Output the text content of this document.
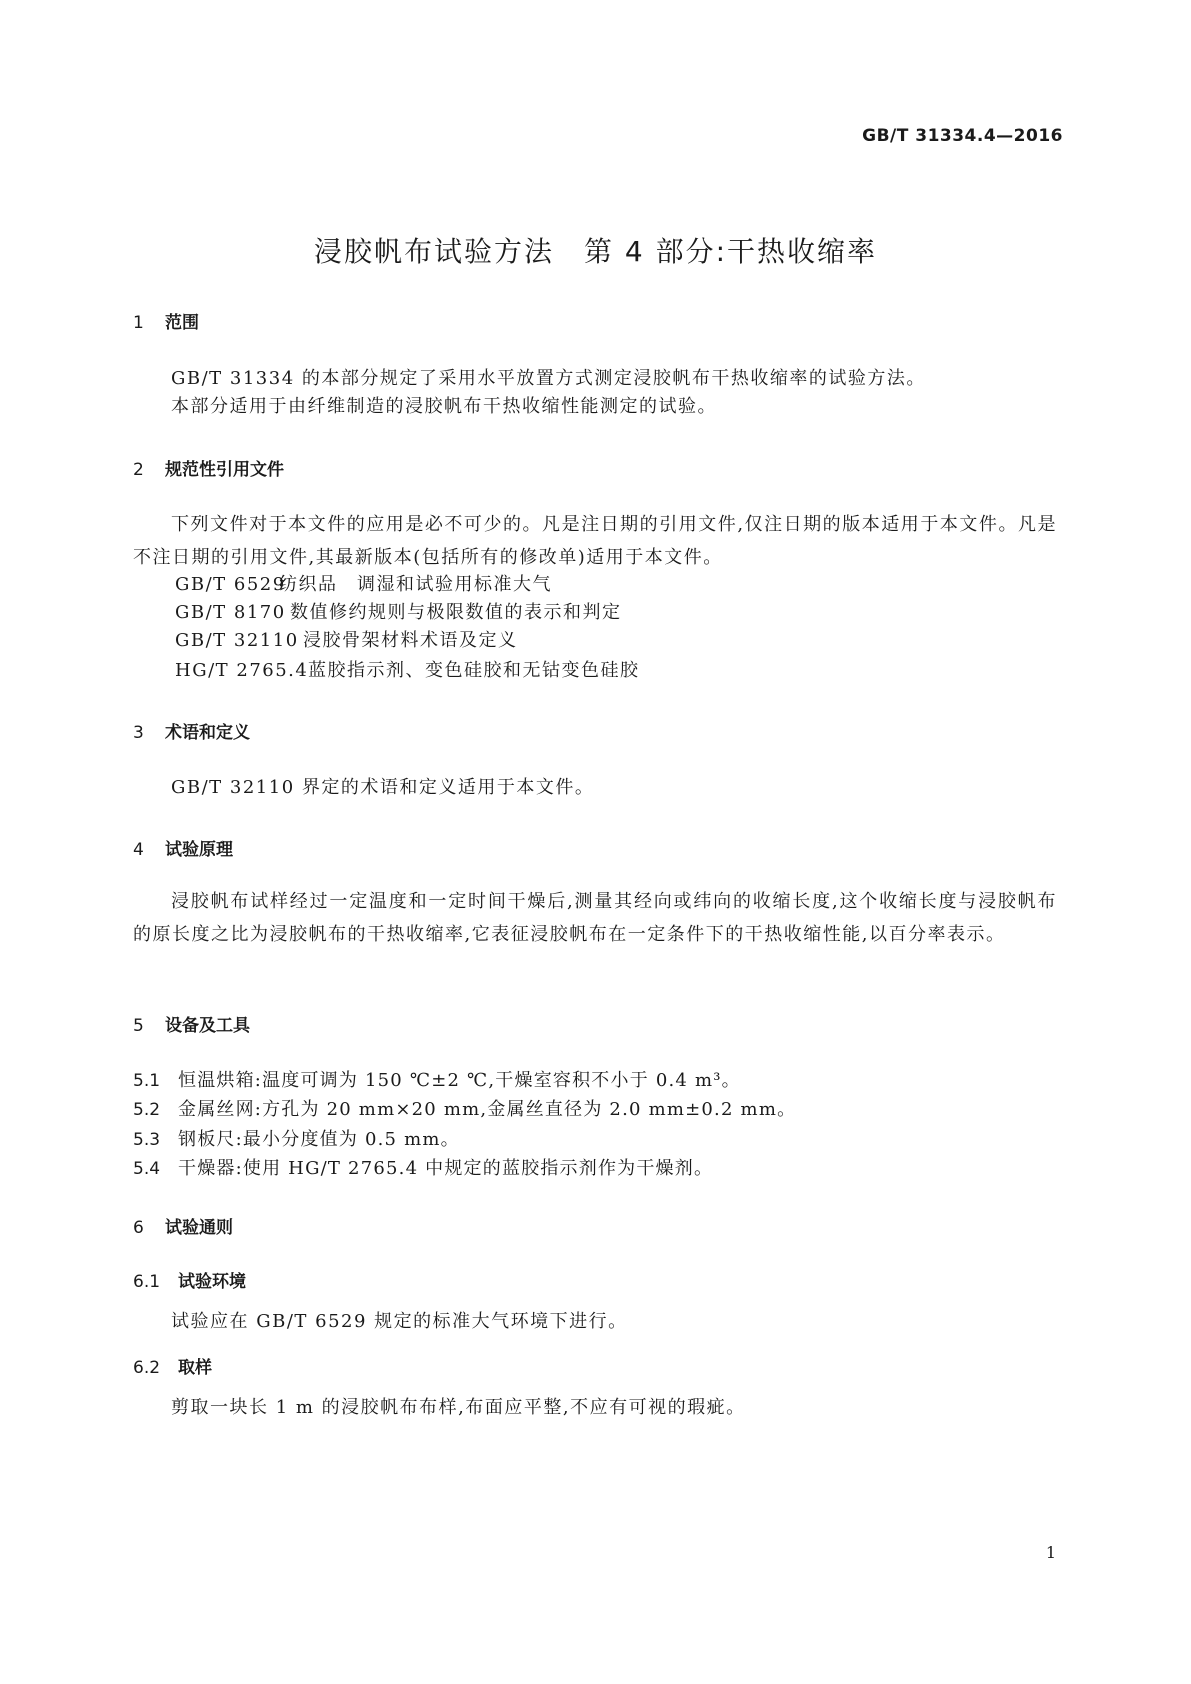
GB/T 31334.4—2016
浸胶帆布试验方法　第 4 部分:干热收缩率
1 范围

GB/T 31334 的本部分规定了采用水平放置方式测定浸胶帆布干热收缩率的试验方法。

本部分适用于由纤维制造的浸胶帆布干热收缩性能测定的试验。

2 规范性引用文件

下列文件对于本文件的应用是必不可少的。凡是注日期的引用文件,仅注日期的版本适用于本文件。凡是不注日期的引用文件,其最新版本(包括所有的修改单)适用于本文件。

GB/T 6529纺织品　调湿和试验用标准大气
GB/T 8170 数值修约规则与极限数值的表示和判定
GB/T 32110 浸胶骨架材料术语及定义
HG/T 2765.4蓝胶指示剂、变色硅胶和无钴变色硅胶
3 术语和定义

GB/T 32110 界定的术语和定义适用于本文件。

4 试验原理

浸胶帆布试样经过一定温度和一定时间干燥后,测量其经向或纬向的收缩长度,这个收缩长度与浸胶帆布的原长度之比为浸胶帆布的干热收缩率,它表征浸胶帆布在一定条件下的干热收缩性能,以百分率表示。

5 设备及工具
5.1 恒温烘箱:温度可调为 150 ℃±2 ℃,干燥室容积不小于 0.4 m³。
5.2 金属丝网:方孔为 20 mm×20 mm,金属丝直径为 2.0 mm±0.2 mm。
5.3 钢板尺:最小分度值为 0.5 mm。
5.4 干燥器:使用 HG/T 2765.4 中规定的蓝胶指示剂作为干燥剂。
6 试验通则
6.1 试验环境

试验应在 GB/T 6529 规定的标准大气环境下进行。

6.2 取样

剪取一块长 1 m 的浸胶帆布布样,布面应平整,不应有可视的瑕疵。

1
